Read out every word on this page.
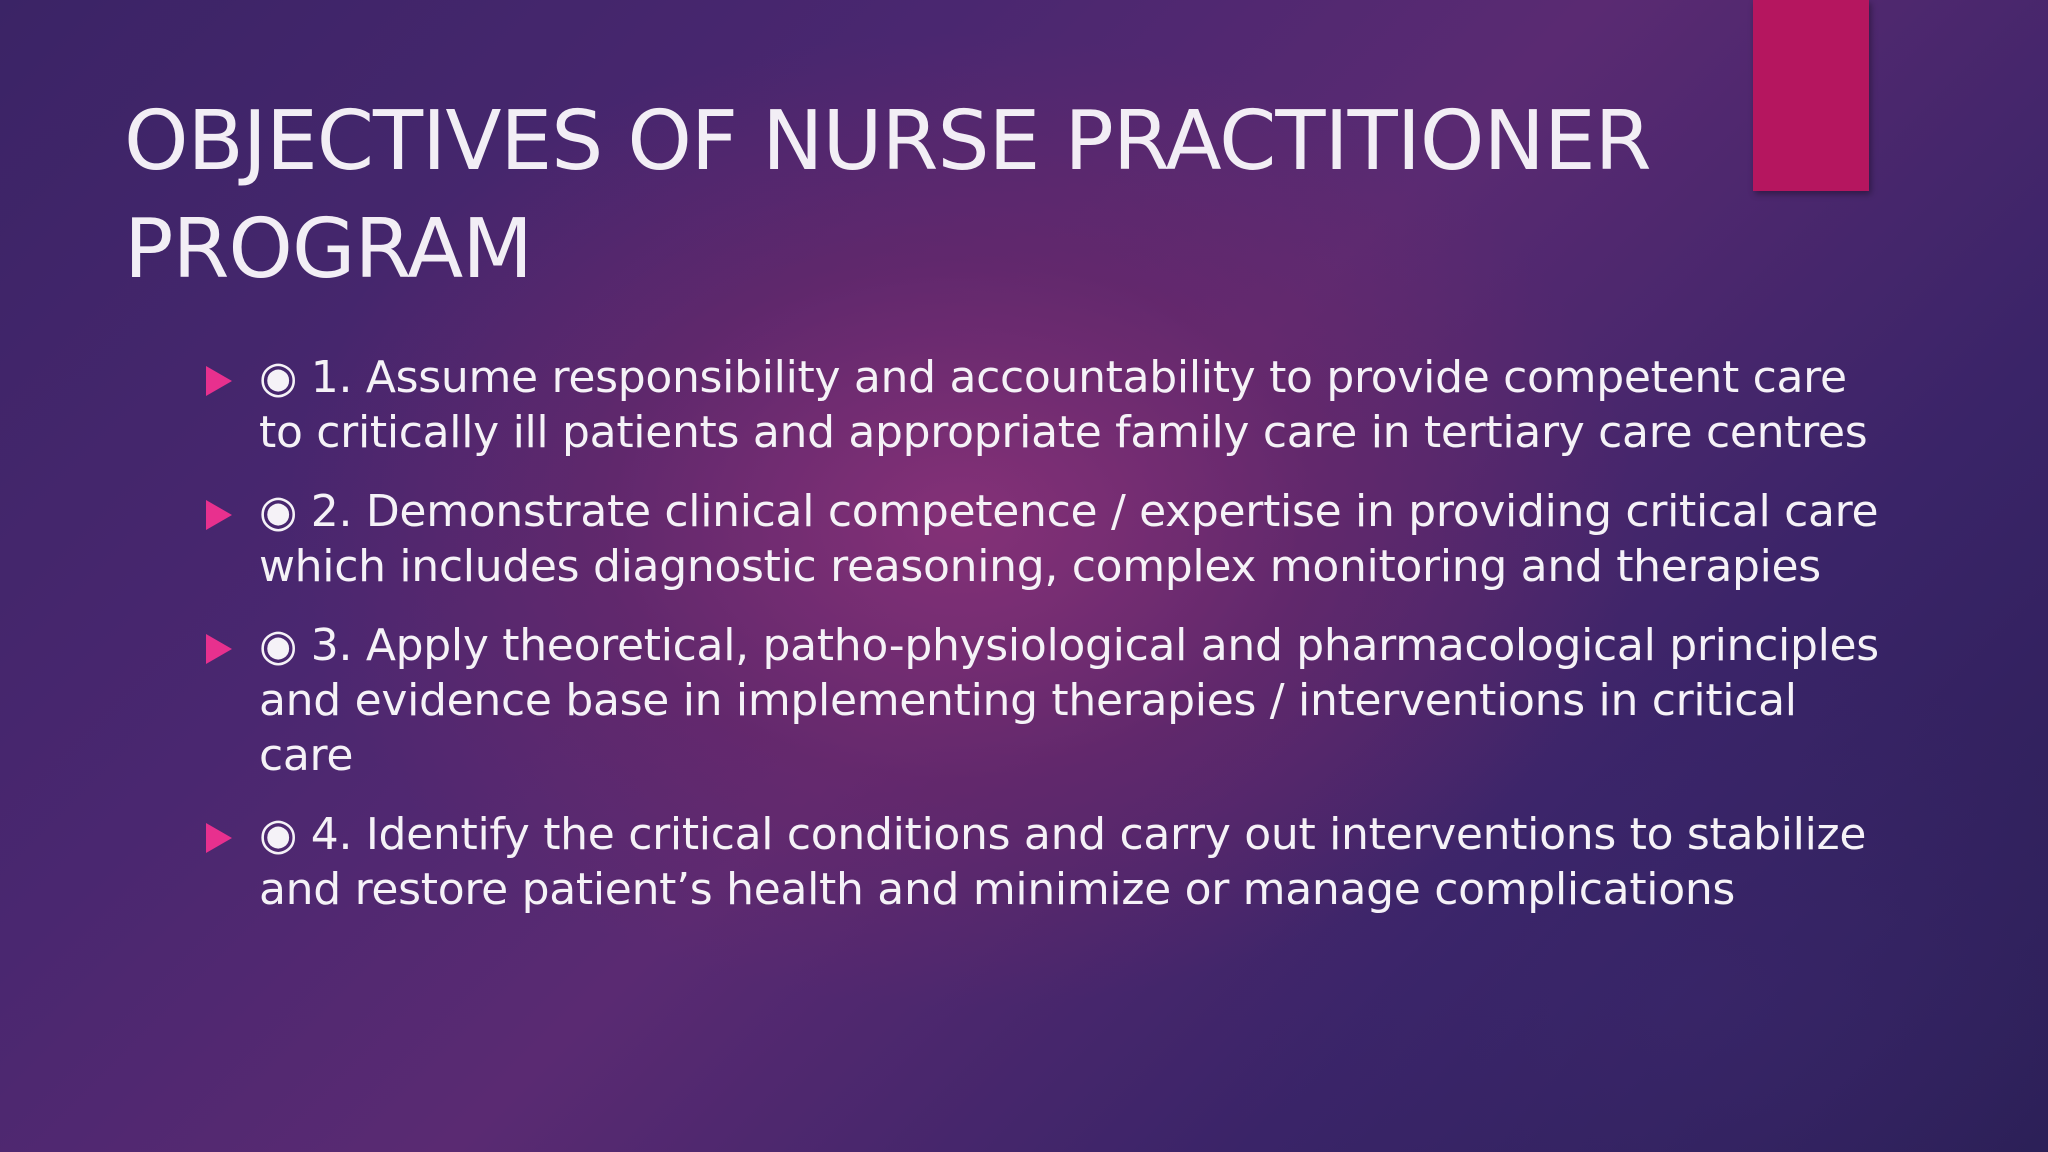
OBJECTIVES OF NURSE PRACTITIONER PROGRAM
◉ 1. Assume responsibility and accountability to provide competent care to critically ill patients and appropriate family care in tertiary care centres
◉ 2. Demonstrate clinical competence / expertise in providing critical care which includes diagnostic reasoning, complex monitoring and therapies
◉ 3. Apply theoretical, patho-physiological and pharmacological principles and evidence base in implementing therapies / interventions in critical care
◉ 4. Identify the critical conditions and carry out interventions to stabilize and restore patient’s health and minimize or manage complications
